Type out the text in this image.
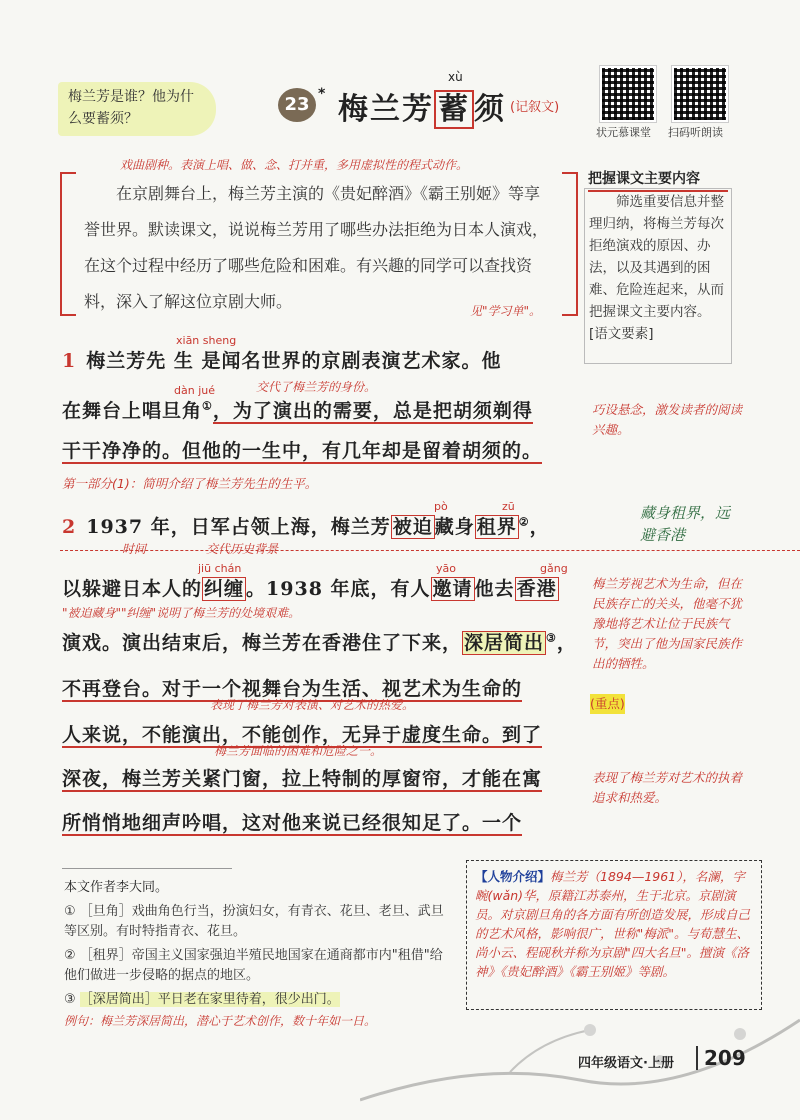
梅兰芳是谁？他为什么要蓄须？
23 *
xù
梅兰芳 蓄 须 (记叙文)
状元慕课堂 扫码听朗读
戏曲剧种。表演上唱、做、念、打并重，多用虚拟性的程式动作。
在京剧舞台上，梅兰芳主演的《贵妃醉酒》《霸王别姬》等享誉世界。默读课文，说说梅兰芳用了哪些办法拒绝为日本人演戏，在这个过程中经历了哪些危险和困难。有兴趣的同学可以查找资料，深入了解这位京剧大师。	见"学习单"。
把握课文主要内容
筛选重要信息并整理归纳，将梅兰芳每次拒绝演戏的原因、办法，以及其遇到的困难、危险连起来，从而把握课文主要内容。[语文要素]
xiān sheng
1 梅兰芳先 生 是闻名世界的京剧表演艺术家。他
dàn jué	交代了梅兰芳的身份。
在舞台上唱旦角①，为了演出的需要，总是把胡须剃得
干干净净的。但他的一生中，有几年却是留着胡须的。
巧设悬念，激发读者的阅读兴趣。
第一部分(1)：简明介绍了梅兰芳先生的生平。
pò	zū	藏身租界，远避香港
2 1937 年，日军占领上海，梅兰芳 被迫 藏身 租界 ②，
时间	交代历史背景
jiū chán	yāo	gǎng
以躲避日本人的 纠缠 。1938 年底，有人 邀请 他去 香港
"被迫藏身""纠缠"说明了梅兰芳的处境艰难。
演戏。演出结束后，梅兰芳在香港住了下来， 深居简出 ③，
不再登台。对于一个视舞台为生活、视艺术为生命的
表现了梅兰芳对表演、对艺术的热爱。
人来说，不能演出，不能创作，无异于虚度生命。到了
梅兰芳面临的困难和危险之一。
深夜，梅兰芳关紧门窗，拉上特制的厚窗帘，才能在寓
所悄悄地细声吟唱，这对他来说已经很知足了。一个
梅兰芳视艺术为生命，但在民族存亡的关头，他毫不犹豫地将艺术让位于民族气节，突出了他为国家民族作出的牺牲。
(重点)
表现了梅兰芳对艺术的执着追求和热爱。
本文作者李大同。
① ［旦角］戏曲角色行当，扮演妇女，有青衣、花旦、老旦、武旦等区别。有时特指青衣、花旦。
② ［租界］帝国主义国家强迫半殖民地国家在通商都市内"租借"给他们做进一步侵略的据点的地区。
③ ［深居简出］平日老在家里待着，很少出门。
例句：梅兰芳深居简出，潜心于艺术创作，数十年如一日。
【人物介绍】梅兰芳（1894—1961），名澜，字畹(wǎn)华，原籍江苏泰州，生于北京。京剧演员。对京剧旦角的各方面有所创造发展，形成自己的艺术风格，影响很广，世称"梅派"。与荀慧生、尚小云、程砚秋并称为京剧"四大名旦"。擅演《洛神》《贵妃醉酒》《霸王别姬》等剧。
四年级语文·上册 209
